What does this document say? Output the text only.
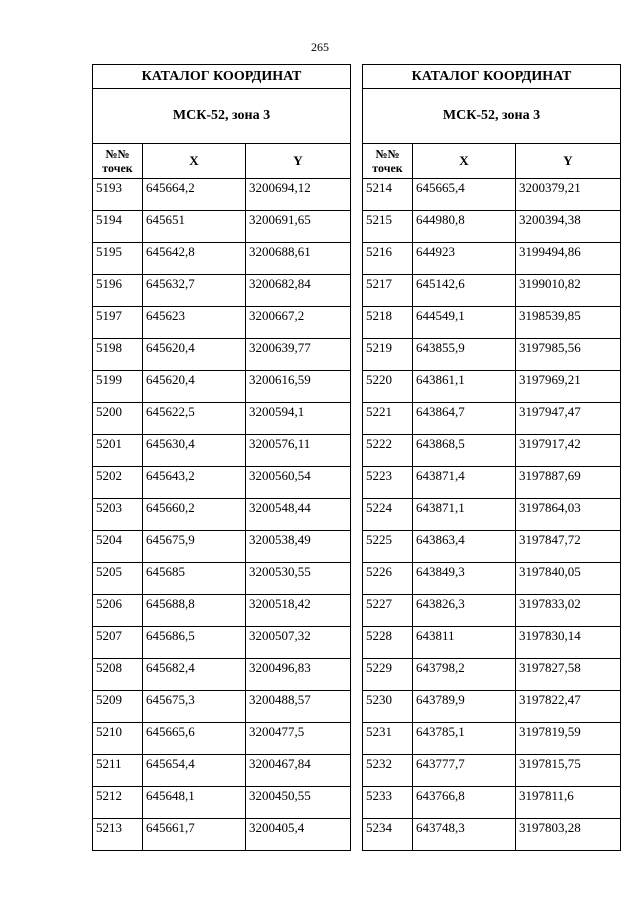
265
КАТАЛОГ КООРДИНАТ		
МСК-52, зона 3		

№№
точек	X	Y
5193	645664,2	3200694,12
5194	645651	3200691,65
5195	645642,8	3200688,61
5196	645632,7	3200682,84
5197	645623	3200667,2
5198	645620,4	3200639,77
5199	645620,4	3200616,59
5200	645622,5	3200594,1
5201	645630,4	3200576,11
5202	645643,2	3200560,54
5203	645660,2	3200548,44
5204	645675,9	3200538,49
5205	645685	3200530,55
5206	645688,8	3200518,42
5207	645686,5	3200507,32
5208	645682,4	3200496,83
5209	645675,3	3200488,57
5210	645665,6	3200477,5
5211	645654,4	3200467,84
5212	645648,1	3200450,55
5213	645661,7	3200405,4
КАТАЛОГ КООРДИНАТ		
МСК-52, зона 3		

№№
точек	X	Y
5214	645665,4	3200379,21
5215	644980,8	3200394,38
5216	644923	3199494,86
5217	645142,6	3199010,82
5218	644549,1	3198539,85
5219	643855,9	3197985,56
5220	643861,1	3197969,21
5221	643864,7	3197947,47
5222	643868,5	3197917,42
5223	643871,4	3197887,69
5224	643871,1	3197864,03
5225	643863,4	3197847,72
5226	643849,3	3197840,05
5227	643826,3	3197833,02
5228	643811	3197830,14
5229	643798,2	3197827,58
5230	643789,9	3197822,47
5231	643785,1	3197819,59
5232	643777,7	3197815,75
5233	643766,8	3197811,6
5234	643748,3	3197803,28
